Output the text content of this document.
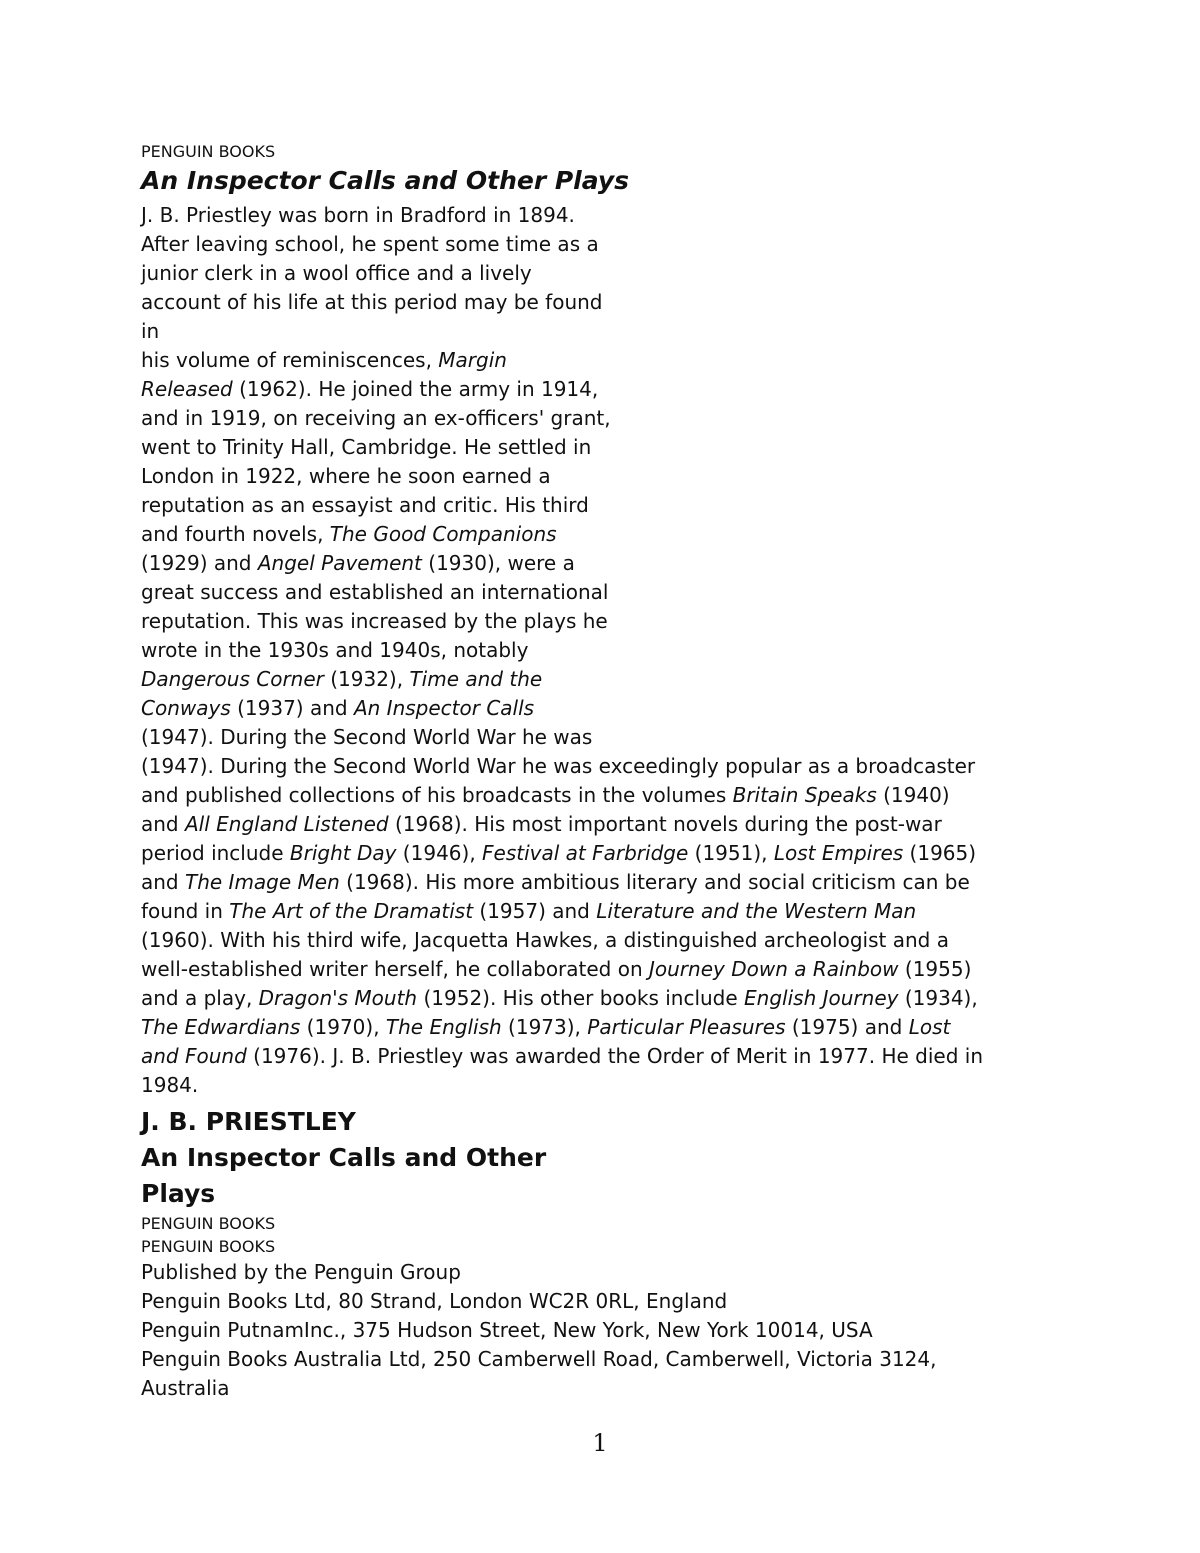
PENGUIN BOOKS
An Inspector Calls and Other Plays
J. B. Priestley was born in Bradford in 1894.
After leaving school, he spent some time as a
junior clerk in a wool office and a lively
account of his life at this period may be found
in
his volume of reminiscences, Margin
Released (1962). He joined the army in 1914,
and in 1919, on receiving an ex-officers' grant,
went to Trinity Hall, Cambridge. He settled in
London in 1922, where he soon earned a
reputation as an essayist and critic. His third
and fourth novels, The Good Companions
(1929) and Angel Pavement (1930), were a
great success and established an international
reputation. This was increased by the plays he
wrote in the 1930s and 1940s, notably
Dangerous Corner (1932), Time and the
Conways (1937) and An Inspector Calls
(1947). During the Second World War he was
(1947). During the Second World War he was exceedingly popular as a broadcaster
and published collections of his broadcasts in the volumes Britain Speaks (1940)
and All England Listened (1968). His most important novels during the post-war
period include Bright Day (1946), Festival at Farbridge (1951), Lost Empires (1965)
and The Image Men (1968). His more ambitious literary and social criticism can be
found in The Art of the Dramatist (1957) and Literature and the Western Man
(1960). With his third wife, Jacquetta Hawkes, a distinguished archeologist and a
well-established writer herself, he collaborated on Journey Down a Rainbow (1955)
and a play, Dragon's Mouth (1952). His other books include English Journey (1934),
The Edwardians (1970), The English (1973), Particular Pleasures (1975) and Lost
and Found (1976). J. B. Priestley was awarded the Order of Merit in 1977. He died in
1984.
J. B. PRIESTLEY
An Inspector Calls and Other
Plays
PENGUIN BOOKS
PENGUIN BOOKS
Published by the Penguin Group
Penguin Books Ltd, 80 Strand, London WC2R 0RL, England
Penguin PutnamInc., 375 Hudson Street, New York, New York 10014, USA
Penguin Books Australia Ltd, 250 Camberwell Road, Camberwell, Victoria 3124,
Australia
1
